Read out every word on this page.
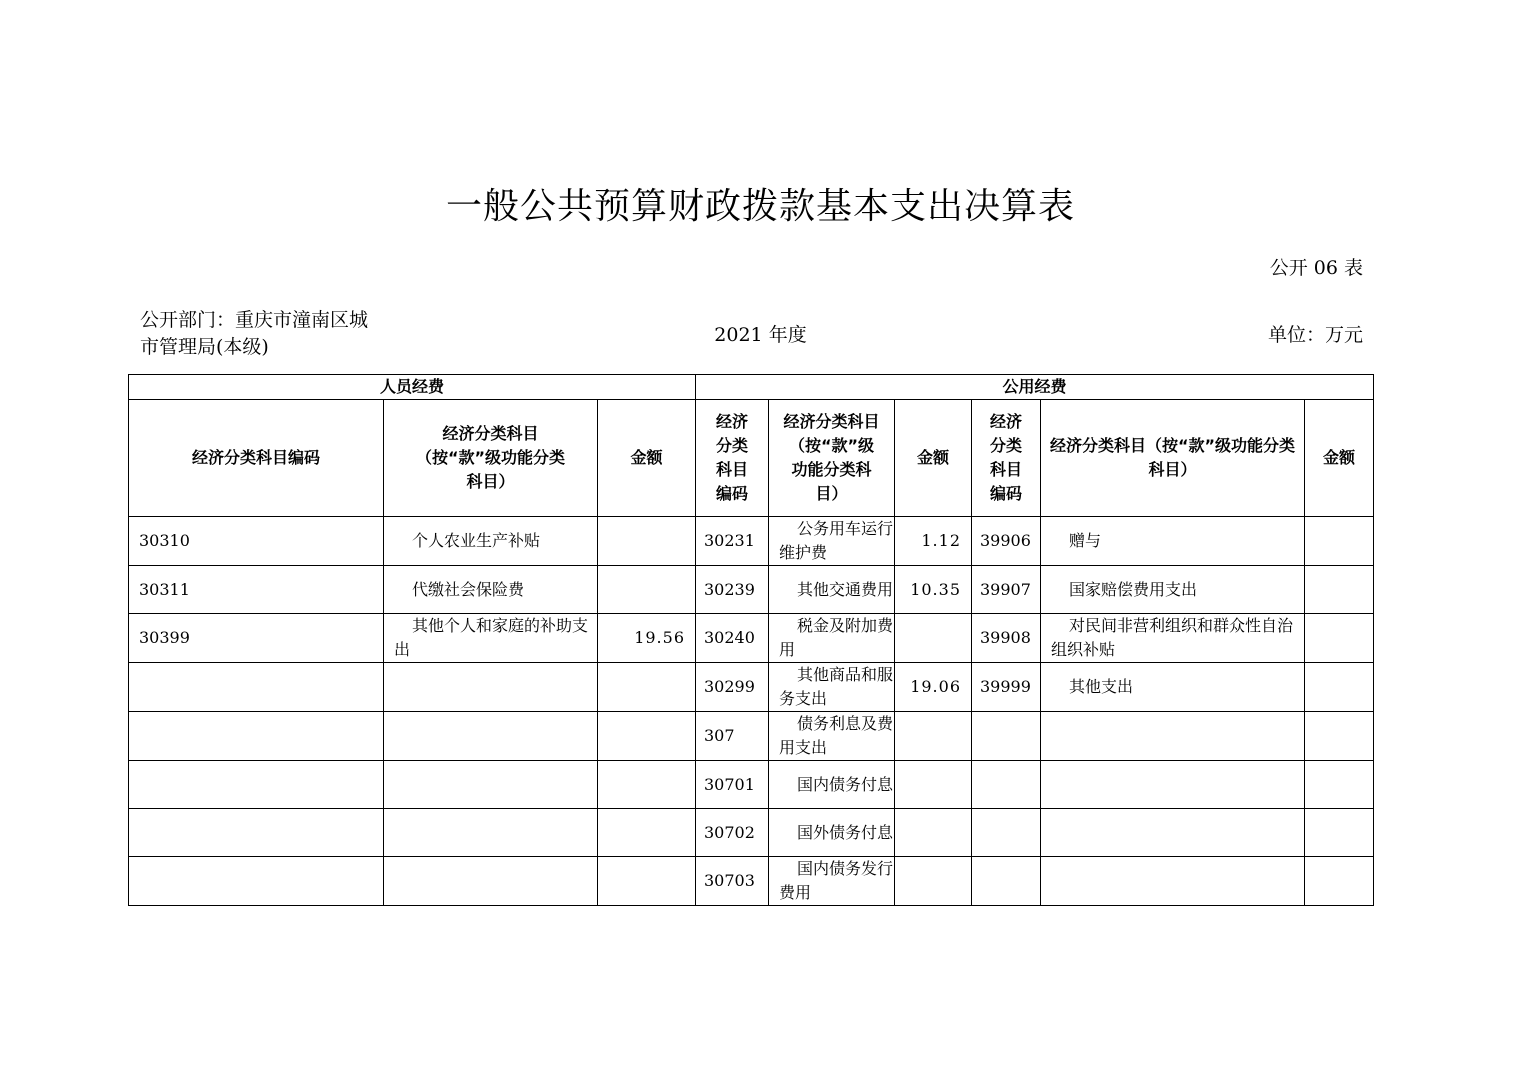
一般公共预算财政拨款基本支出决算表
公开 06 表
公开部门：重庆市潼南区城市管理局(本级)
2021 年度	单位：万元
人员经费			公用经费					
经济分类科目编码	经济分类科目（按“款”级功能分类科目）	金额	经济分类科目编码	经济分类科目（按“款”级功能分类科目）	金额	经济分类科目编码	经济分类科目（按“款”级功能分类科目）	金额
30310	个人农业生产补贴		30231	公务用车运行维护费	1.12	39906	赠与	
30311	代缴社会保险费		30239	其他交通费用	10.35	39907	国家赔偿费用支出	
30399	其他个人和家庭的补助支出	19.56	30240	税金及附加费用		39908	对民间非营利组织和群众性自治组织补贴	
			30299	其他商品和服务支出	19.06	39999	其他支出	
			307	债务利息及费用支出				
			30701	国内债务付息				
			30702	国外债务付息				
			30703	国内债务发行费用				
